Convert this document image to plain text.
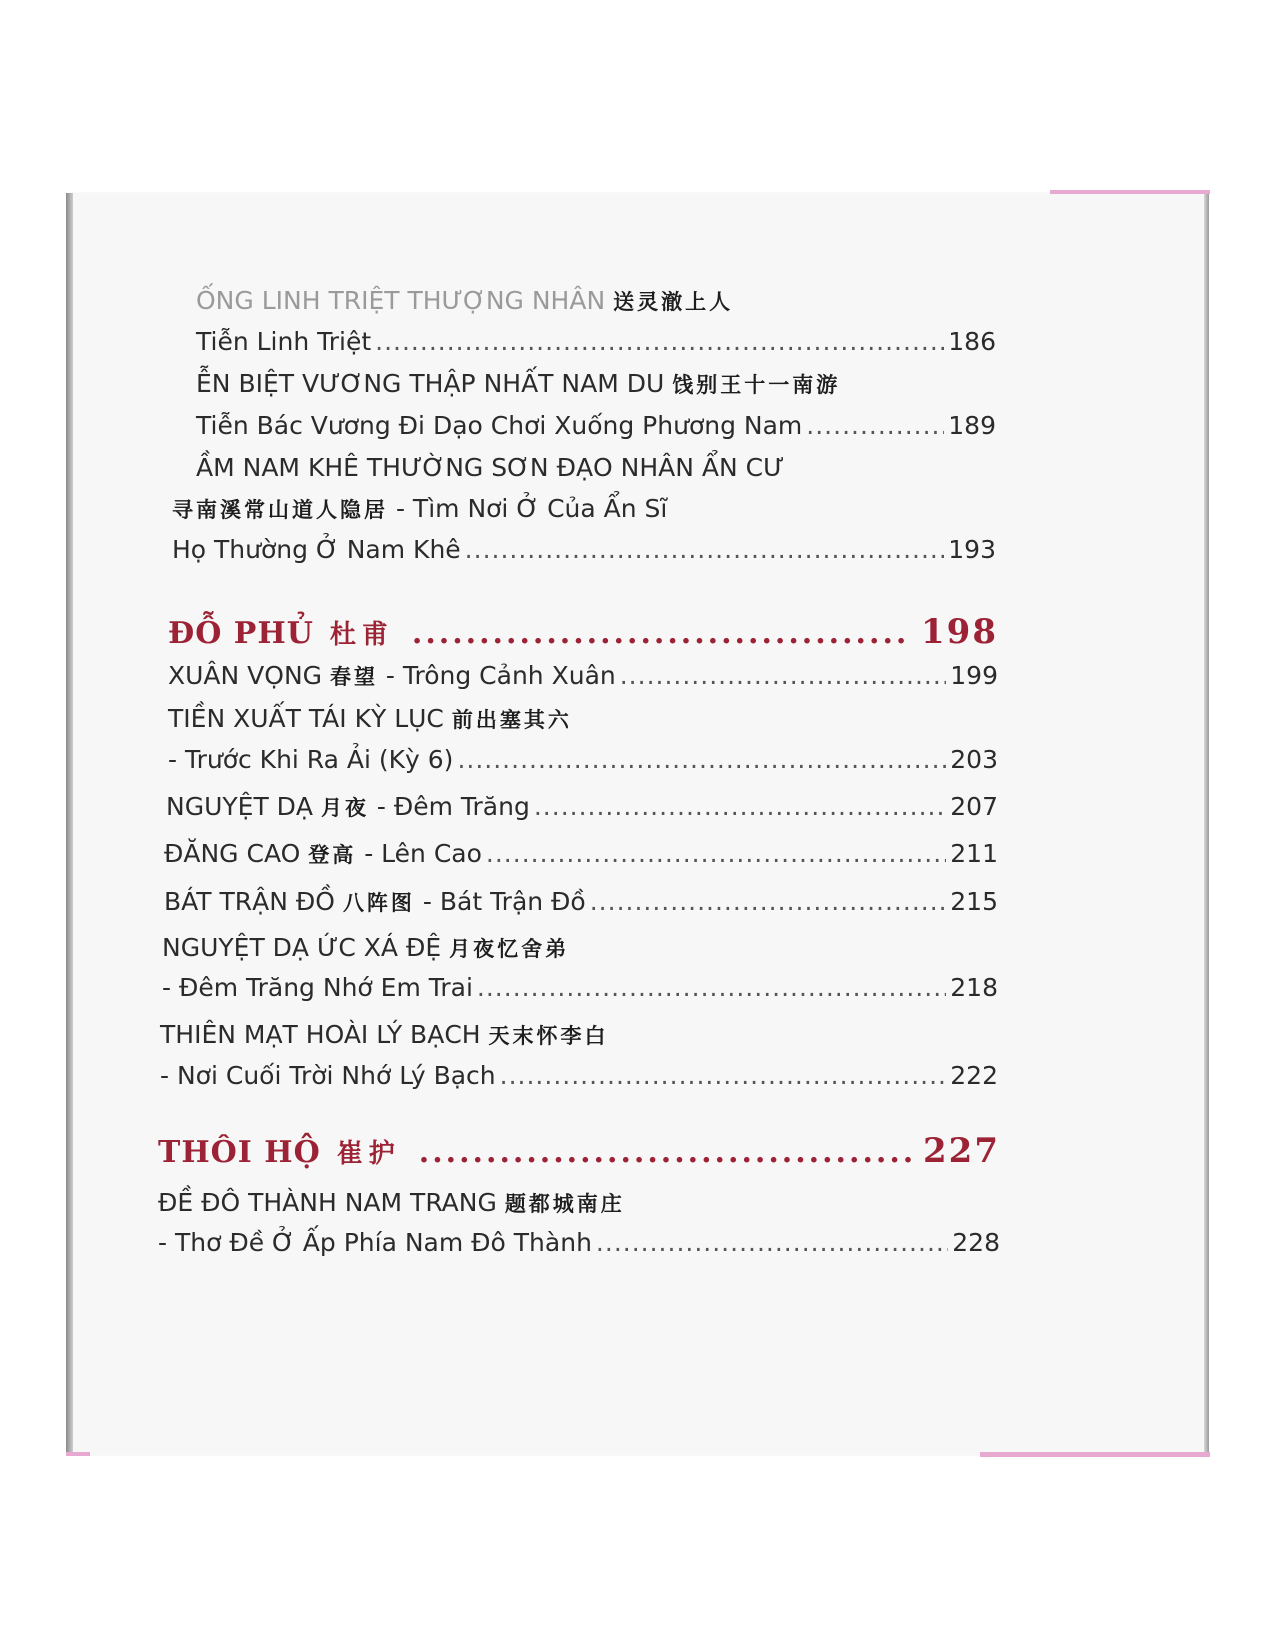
ỐNG LINH TRIỆT THƯỢNG NHÂN 送灵澈上人
Tiễn Linh Triệt .....	186
ỄN BIỆT VƯƠNG THẬP NHẤT NAM DU 饯别王十一南游
Tiễn Bác Vương Đi Dạo Chơi Xuống Phương Nam .....	189
ẦM NAM KHÊ THƯỜNG SƠN ĐẠO NHÂN ẨN CƯ
寻南溪常山道人隐居 - Tìm Nơi Ở Của Ẩn Sĩ
Họ Thường Ở Nam Khê .....	193
ĐỖ PHỦ 杜甫 .....	198
XUÂN VỌNG 春望 - Trông Cảnh Xuân .....	199
TIỀN XUẤT TÁI KỲ LỤC 前出塞其六
- Trước Khi Ra Ải (Kỳ 6) .....	203
NGUYỆT DẠ 月夜 - Đêm Trăng .....	207
ĐĂNG CAO 登高 - Lên Cao .....	211
BÁT TRẬN ĐỒ 八阵图 - Bát Trận Đồ .....	215
NGUYỆT DẠ ỨC XÁ ĐỆ 月夜忆舍弟
- Đêm Trăng Nhớ Em Trai .....	218
THIÊN MẠT HOÀI LÝ BẠCH 天末怀李白
- Nơi Cuối Trời Nhớ Lý Bạch .....	222
THÔI HỘ 崔护 .....	227
ĐỀ ĐÔ THÀNH NAM TRANG 题都城南庄
- Thơ Đề Ở Ấp Phía Nam Đô Thành .....	228
